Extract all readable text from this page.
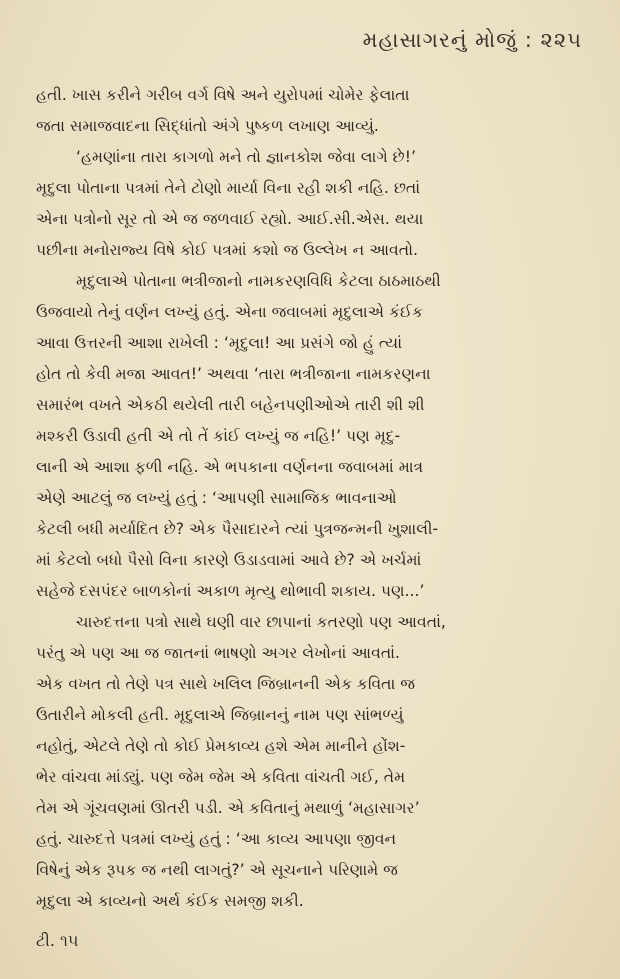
મહાસાગરનું મોજું : ૨૨૫

હતી. ખાસ કરીને ગરીબ વર્ગ વિષે અને યુરોપમાં ચોમેર ફેલાતા

જતા સમાજવાદના સિદ્ધાંતો અંગે પુષ્કળ લખાણ આવ્યું.

‘હમણાંના તારા કાગળો મને તો જ્ઞાનકોશ જેવા લાગે છે!’

મૃદુલા પોતાના પત્રમાં તેને ટોણો માર્યા વિના રહી શકી નહિ. છતાં

એના પત્રોનો સૂર તો એ જ જળવાઈ રહ્યો. આઈ.સી.એસ. થયા

પછીના મનોરાજ્ય વિષે કોઈ પત્રમાં કશો જ ઉલ્લેખ ન આવતો.

મૃદુલાએ પોતાના ભત્રીજાનો નામકરણવિધિ કેટલા ઠાઠમાઠથી

ઉજવાયો તેનું વર્ણન લખ્યું હતું. એના જવાબમાં મૃદુલાએ કંઈક

આવા ઉત્તરની આશા રાખેલી : ‘મૃદુલા! આ પ્રસંગે જો હું ત્યાં

હોત તો કેવી મજા આવત!’ અથવા ‘તારા ભત્રીજાના નામકરણના

સમારંભ વખતે એકઠી થયેલી તારી બહેનપણીઓએ તારી શી શી

મશ્કરી ઉડાવી હતી એ તો તેં કાંઈ લખ્યું જ નહિ!’ પણ મૃદુ-

લાની એ આશા ફળી નહિ. એ ભપકાના વર્ણનના જવાબમાં માત્ર

એણે આટલું જ લખ્યું હતું : ‘આપણી સામાજિક ભાવનાઓ

કેટલી બધી મર્યાદિત છે? એક પૈસાદારને ત્યાં પુત્રજન્મની ખુશાલી-

માં કેટલો બધો પૈસો વિના કારણે ઉડાડવામાં આવે છે? એ ખર્ચમાં

સહેજે દસપંદર બાળકોનાં અકાળ મૃત્યુ થોભાવી શકાય. પણ...’

ચારુદત્તના પત્રો સાથે ઘણી વાર છાપાનાં કતરણો પણ આવતાં,

પરંતુ એ પણ આ જ જાતનાં ભાષણો અગર લેખોનાં આવતાં.

એક વખત તો તેણે પત્ર સાથે ખલિલ જિબ્રાનની એક કવિતા જ

ઉતારીને મોકલી હતી. મૃદુલાએ જિબ્રાનનું નામ પણ સાંભળ્યું

નહોતું, એટલે તેણે તો કોઈ પ્રેમકાવ્ય હશે એમ માનીને હોંશ-

ભેર વાંચવા માંડ્યું. પણ જેમ જેમ એ કવિતા વાંચતી ગઈ, તેમ

તેમ એ ગૂંચવણમાં ઊતરી પડી. એ કવિતાનું મથાળું ‘મહાસાગર’

હતું. ચારુદત્તે પત્રમાં લખ્યું હતું : ‘આ કાવ્ય આપણા જીવન

વિષેનું એક રૂપક જ નથી લાગતું?’ એ સૂચનાને પરિણામે જ

મૃદુલા એ કાવ્યનો અર્થ કંઈક સમજી શકી.

ટી. ૧૫
